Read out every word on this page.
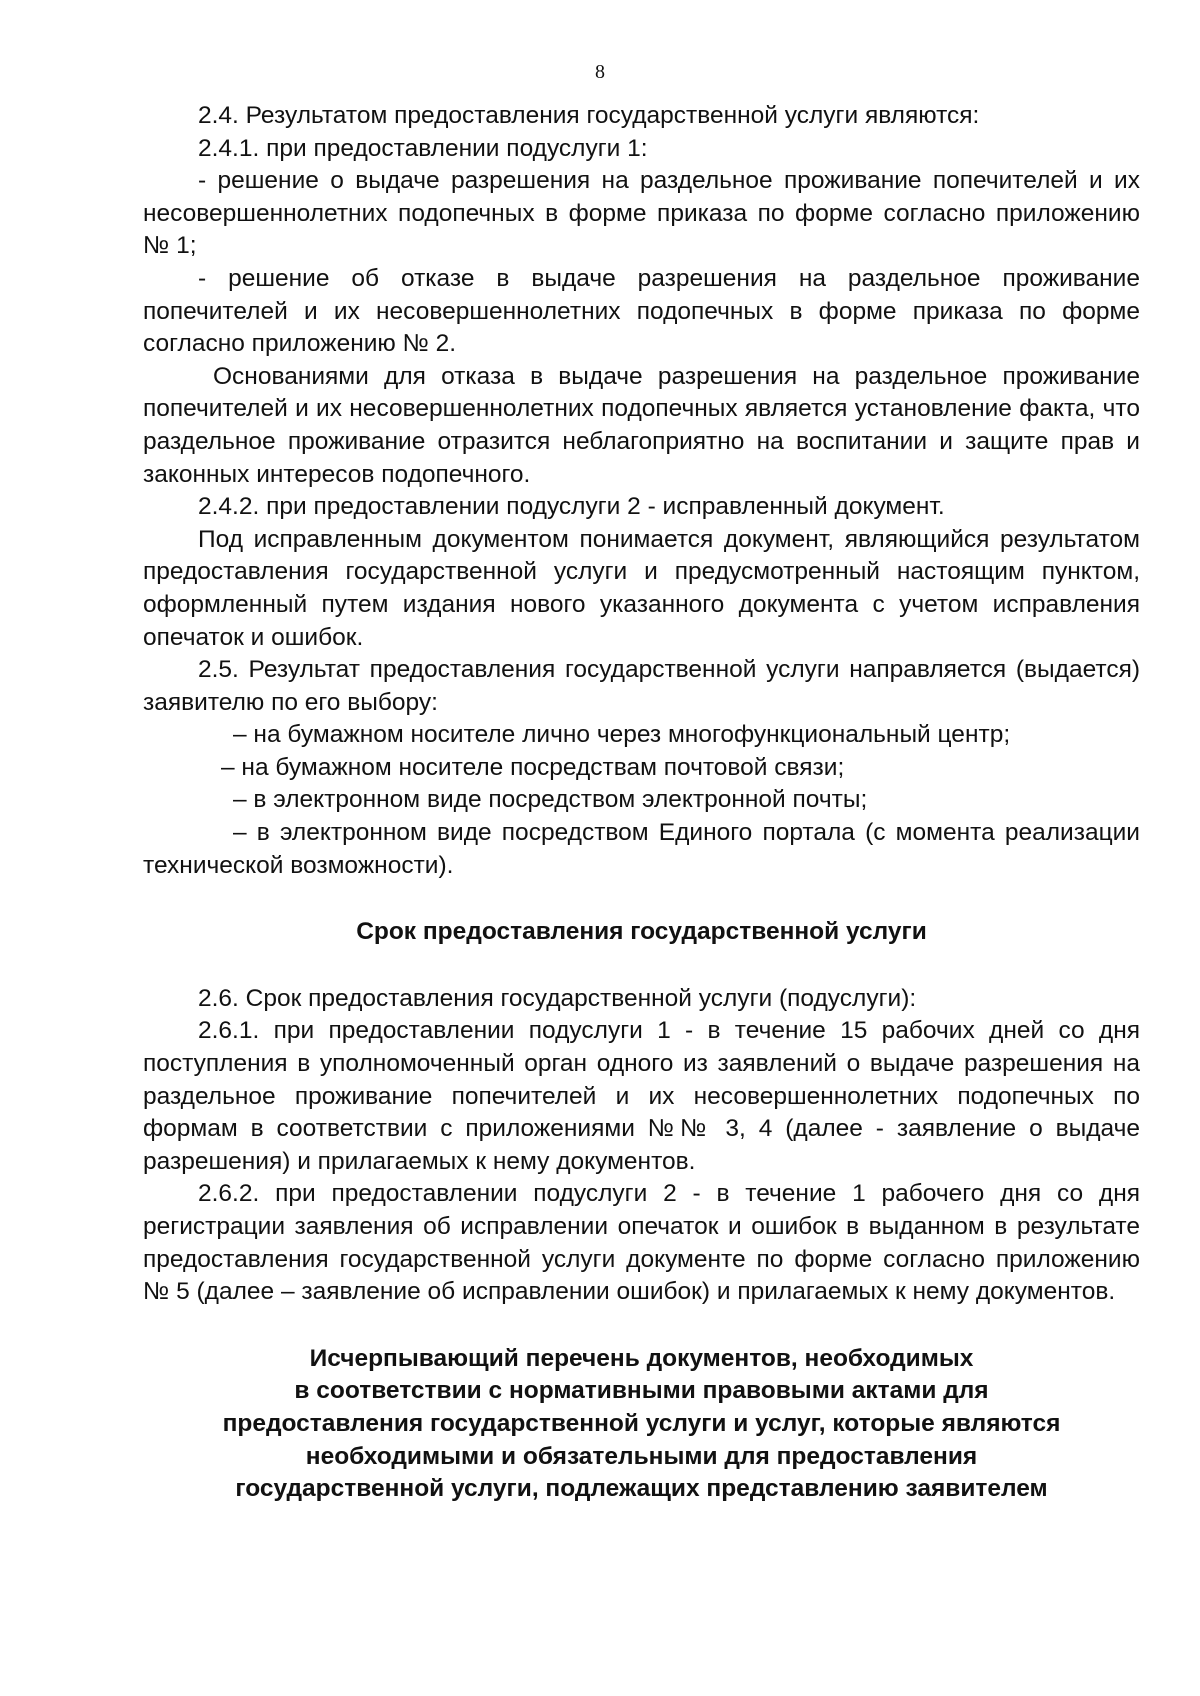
8

2.4. Результатом предоставления государственной услуги являются:

2.4.1. при предоставлении подуслуги 1:

- решение о выдаче разрешения на раздельное проживание попечителей и их несовершеннолетних подопечных в форме приказа по форме согласно приложению № 1;

- решение об отказе в выдаче разрешения на раздельное проживание попечителей и их несовершеннолетних подопечных в форме приказа по форме согласно приложению № 2.

Основаниями для отказа в выдаче разрешения на раздельное проживание попечителей и их несовершеннолетних подопечных является установление факта, что раздельное проживание отразится неблагоприятно на воспитании и защите прав и законных интересов подопечного.

2.4.2. при предоставлении подуслуги 2 - исправленный документ.

Под исправленным документом понимается документ, являющийся результатом предоставления государственной услуги и предусмотренный настоящим пунктом, оформленный путем издания нового указанного документа с учетом исправления опечаток и ошибок.

2.5. Результат предоставления государственной услуги направляется (выдается) заявителю по его выбору:

– на бумажном носителе лично через многофункциональный центр;

– на бумажном носителе посредствам почтовой связи;

– в электронном виде посредством электронной почты;

– в электронном виде посредством Единого портала (с момента реализации технической возможности).

Срок предоставления государственной услуги

2.6. Срок предоставления государственной услуги (подуслуги):

2.6.1. при предоставлении подуслуги 1 - в течение 15 рабочих дней со дня поступления в уполномоченный орган одного из заявлений о выдаче разрешения на раздельное проживание попечителей и их несовершеннолетних подопечных по формам в соответствии с приложениями №№ 3, 4 (далее - заявление о выдаче разрешения) и прилагаемых к нему документов.

2.6.2. при предоставлении подуслуги 2 - в течение 1 рабочего дня со дня регистрации заявления об исправлении опечаток и ошибок в выданном в результате предоставления государственной услуги документе по форме согласно приложению № 5 (далее – заявление об исправлении ошибок) и прилагаемых к нему документов.

Исчерпывающий перечень документов, необходимых
в соответствии с нормативными правовыми актами для
предоставления государственной услуги и услуг, которые являются
необходимыми и обязательными для предоставления
государственной услуги, подлежащих представлению заявителем
